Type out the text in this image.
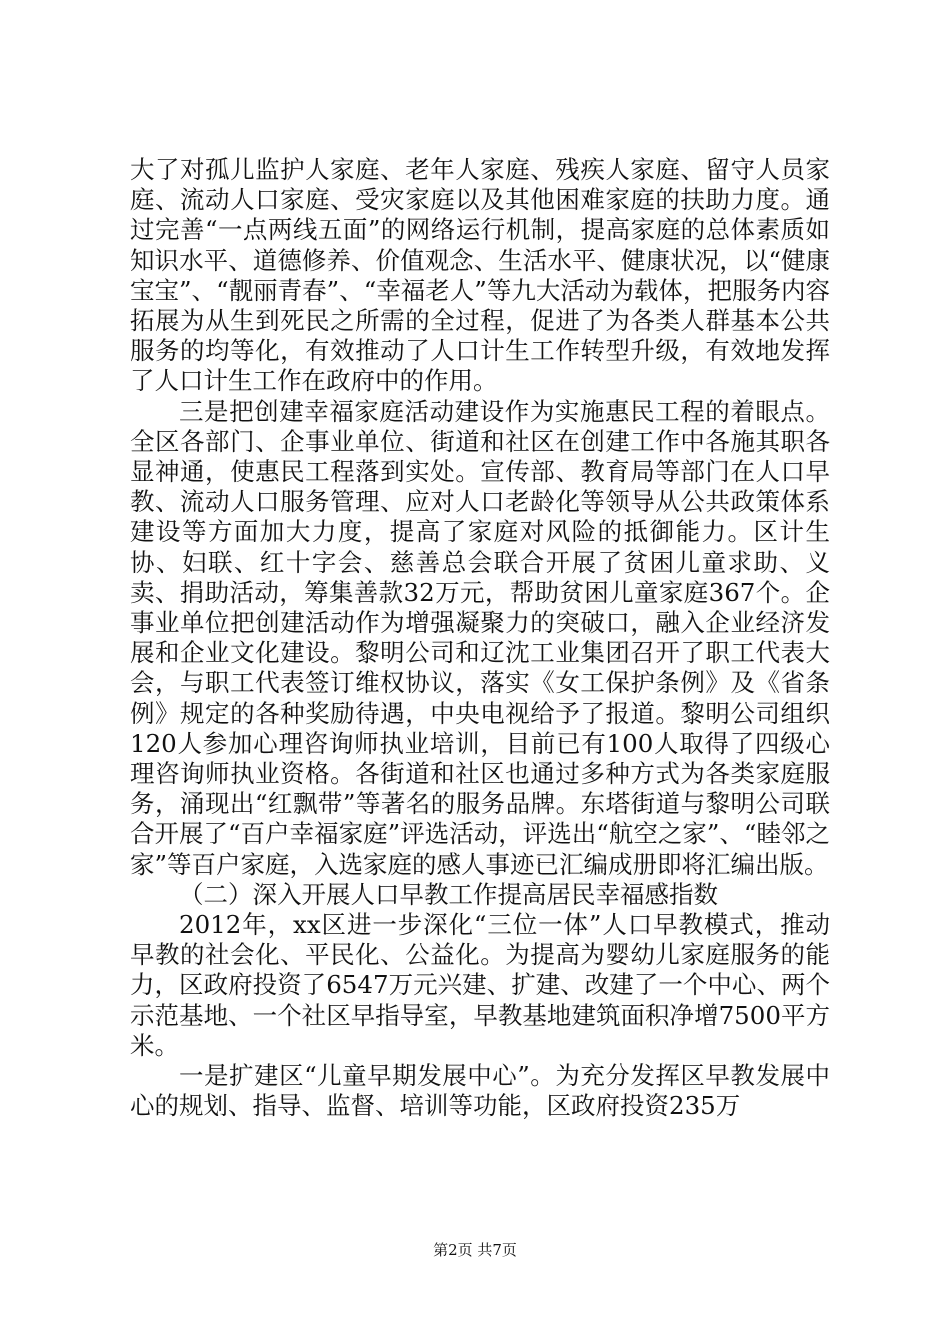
大了对孤儿监护人家庭、老年人家庭、残疾人家庭、留守人员家庭、流动人口家庭、受灾家庭以及其他困难家庭的扶助力度。通过完善“一点两线五面”的网络运行机制，提高家庭的总体素质如知识水平、道德修养、价值观念、生活水平、健康状况，以“健康宝宝”、“靓丽青春”、“幸福老人”等九大活动为载体，把服务内容拓展为从生到死民之所需的全过程，促进了为各类人群基本公共服务的均等化，有效推动了人口计生工作转型升级，有效地发挥了人口计生工作在政府中的作用。

三是把创建幸福家庭活动建设作为实施惠民工程的着眼点。全区各部门、企事业单位、街道和社区在创建工作中各施其职各显神通，使惠民工程落到实处。宣传部、教育局等部门在人口早教、流动人口服务管理、应对人口老龄化等领导从公共政策体系建设等方面加大力度，提高了家庭对风险的抵御能力。区计生协、妇联、红十字会、慈善总会联合开展了贫困儿童求助、义卖、捐助活动，筹集善款32万元，帮助贫困儿童家庭367个。企事业单位把创建活动作为增强凝聚力的突破口，融入企业经济发展和企业文化建设。黎明公司和辽沈工业集团召开了职工代表大会，与职工代表签订维权协议，落实《女工保护条例》及《省条例》规定的各种奖励待遇，中央电视给予了报道。黎明公司组织120人参加心理咨询师执业培训，目前已有100人取得了四级心理咨询师执业资格。各街道和社区也通过多种方式为各类家庭服务，涌现出“红飘带”等著名的服务品牌。东塔街道与黎明公司联合开展了“百户幸福家庭”评选活动，评选出“航空之家”、“睦邻之家”等百户家庭，入选家庭的感人事迹已汇编成册即将汇编出版。

（二）深入开展人口早教工作提高居民幸福感指数

2012年，xx区进一步深化“三位一体”人口早教模式，推动早教的社会化、平民化、公益化。为提高为婴幼儿家庭服务的能力，区政府投资了6547万元兴建、扩建、改建了一个中心、两个示范基地、一个社区早指导室，早教基地建筑面积净增7500平方米。

一是扩建区“儿童早期发展中心”。为充分发挥区早教发展中心的规划、指导、监督、培训等功能，区政府投资235万

第2页 共7页
